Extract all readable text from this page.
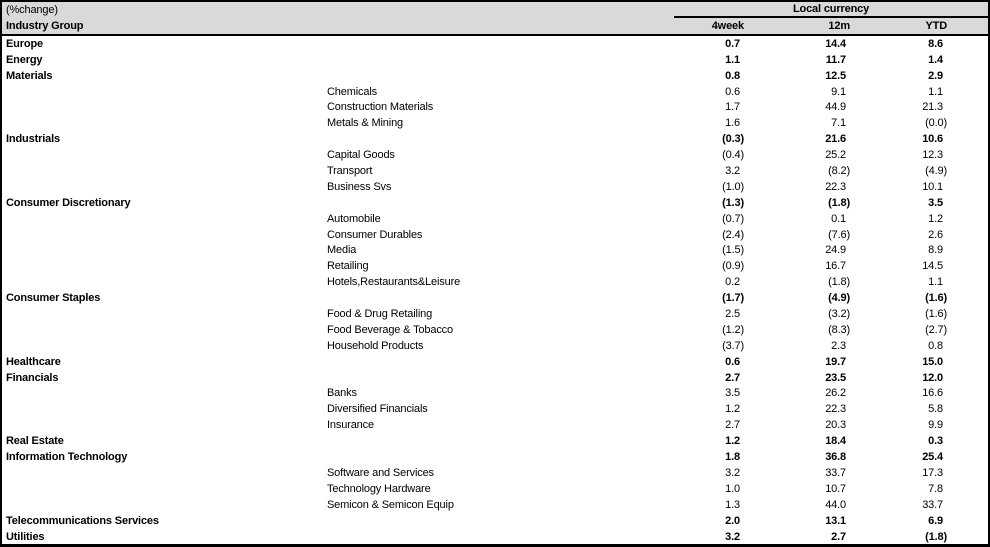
(%change)	Local currency			

Industry Group	4week	12m	YTD	
Europe	0.7	14.4	8.6	
Energy	1.1	11.7	1.4	
Materials	0.8	12.5	2.9	
Chemicals	0.6	9.1	1.1	
Construction Materials	1.7	44.9	21.3	
Metals & Mining	1.6	7.1	(0.0)	
Industrials	(0.3)	21.6	10.6	
Capital Goods	(0.4)	25.2	12.3	
Transport	3.2	(8.2)	(4.9)	
Business Svs	(1.0)	22.3	10.1	
Consumer Discretionary	(1.3)	(1.8)	3.5	
Automobile	(0.7)	0.1	1.2	
Consumer Durables	(2.4)	(7.6)	2.6	
Media	(1.5)	24.9	8.9	
Retailing	(0.9)	16.7	14.5	
Hotels,Restaurants&Leisure	0.2	(1.8)	1.1	
Consumer Staples	(1.7)	(4.9)	(1.6)	
Food & Drug Retailing	2.5	(3.2)	(1.6)	
Food Beverage & Tobacco	(1.2)	(8.3)	(2.7)	
Household Products	(3.7)	2.3	0.8	
Healthcare	0.6	19.7	15.0	
Financials	2.7	23.5	12.0	
Banks	3.5	26.2	16.6	
Diversified Financials	1.2	22.3	5.8	
Insurance	2.7	20.3	9.9	
Real Estate	1.2	18.4	0.3	
Information Technology	1.8	36.8	25.4	
Software and Services	3.2	33.7	17.3	
Technology Hardware	1.0	10.7	7.8	
Semicon & Semicon Equip	1.3	44.0	33.7	
Telecommunications Services	2.0	13.1	6.9	
Utilities	3.2	2.7	(1.8)	
